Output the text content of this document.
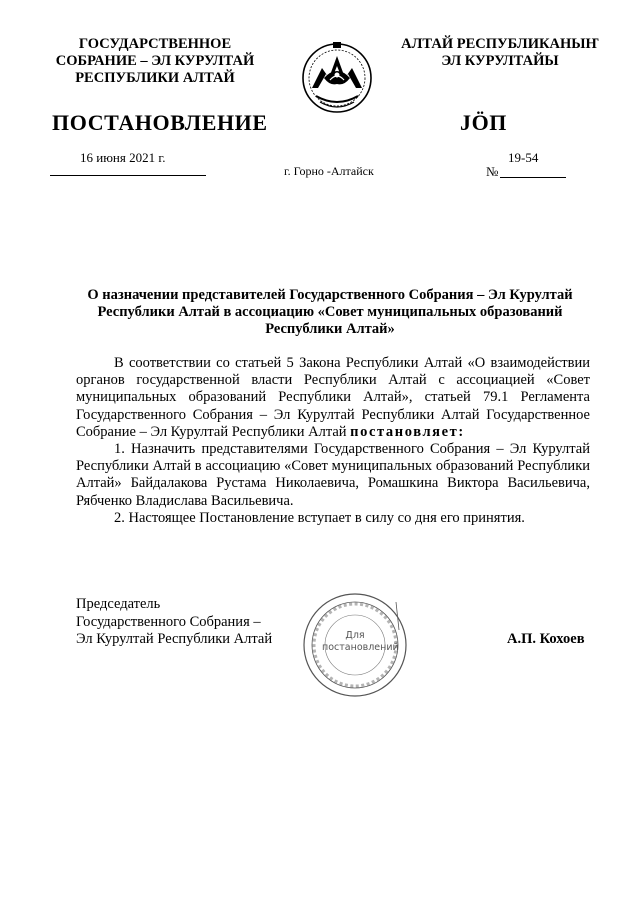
ГОСУДАРСТВЕННОЕ
СОБРАНИЕ – ЭЛ КУРУЛТАЙ
РЕСПУБЛИКИ АЛТАЙ
АЛТАЙ РЕСПУБЛИКАНЫҤ
ЭЛ КУРУЛТАЙЫ
ПОСТАНОВЛЕНИЕ	JӦП
16 июня 2021 г.
г. Горно -Алтайск
19-54
№
О назначении представителей Государственного Собрания – Эл Курултай
Республики Алтай в ассоциацию «Совет муниципальных образований
Республики Алтай»

В соответствии со статьей 5 Закона Республики Алтай «О взаимодействии органов государственной власти Республики Алтай с ассоциацией «Совет муниципальных образований Республики Алтай», статьей 79.1 Регламента Государственного Собрания – Эл Курултай Республики Алтай Государственное Собрание – Эл Курултай Республики Алтай постановляет:

1. Назначить представителями Государственного Собрания – Эл Курултай Республики Алтай в ассоциацию «Совет муниципальных образований Республики Алтай» Байдалакова Рустама Николаевича, Ромашкина Виктора Васильевича, Рябченко Владислава Васильевича.

2. Настоящее Постановление вступает в силу со дня его принятия.

Председатель
Государственного Собрания –
Эл Курултай Республики Алтай	Для
постановлений
А.П. Кохоев
